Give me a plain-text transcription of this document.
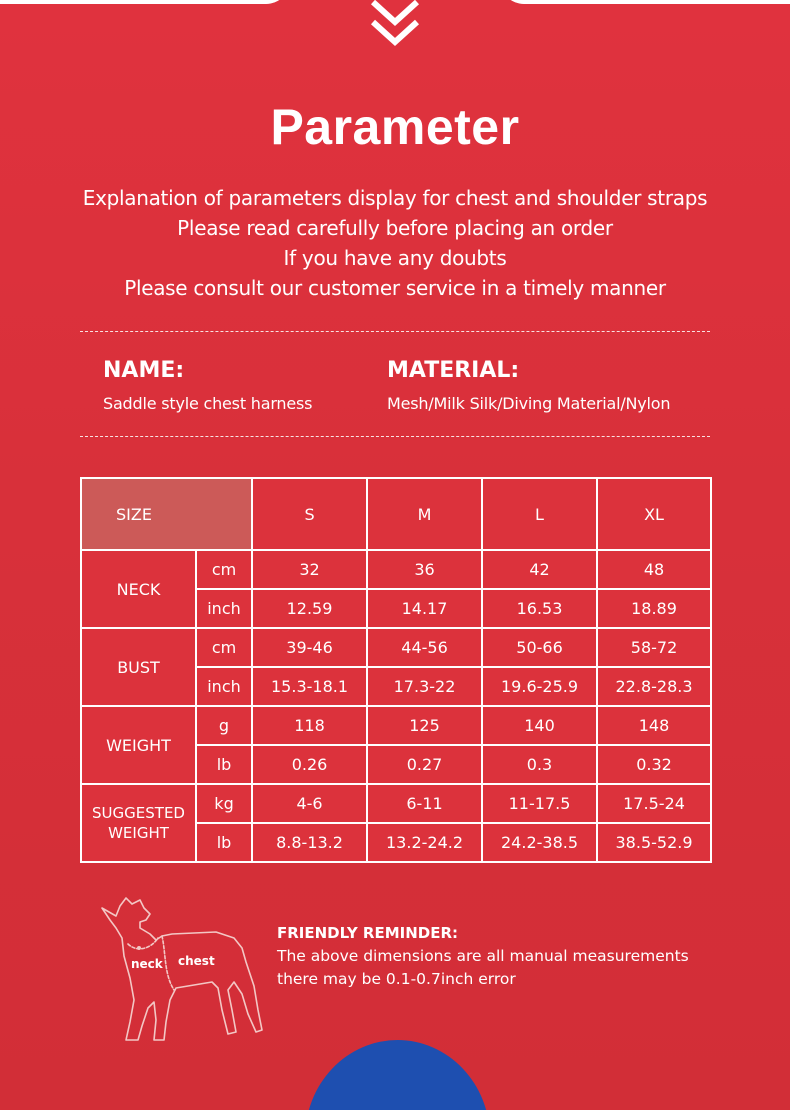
Parameter
Explanation of parameters display for chest and shoulder straps
Please read carefully before placing an order
If you have any doubts
Please consult our customer service in a timely manner
NAME:
Saddle style chest harness
MATERIAL:
Mesh/Milk Silk/Diving Material/Nylon
SIZE		S	M	L	XL
NECK	cm	32	36	42	48
	inch	12.59	14.17	16.53	18.89
BUST	cm	39-46	44-56	50-66	58-72
	inch	15.3-18.1	17.3-22	19.6-25.9	22.8-28.3
WEIGHT	g	118	125	140	148
	lb	0.26	0.27	0.3	0.32

SUGGESTED
WEIGHT	kg	4-6	6-11	11-17.5	17.5-24
	lb	8.8-13.2	13.2-24.2	24.2-38.5	38.5-52.9
neck chest
FRIENDLY REMINDER:
The above dimensions are all manual measurements
there may be 0.1-0.7inch error
